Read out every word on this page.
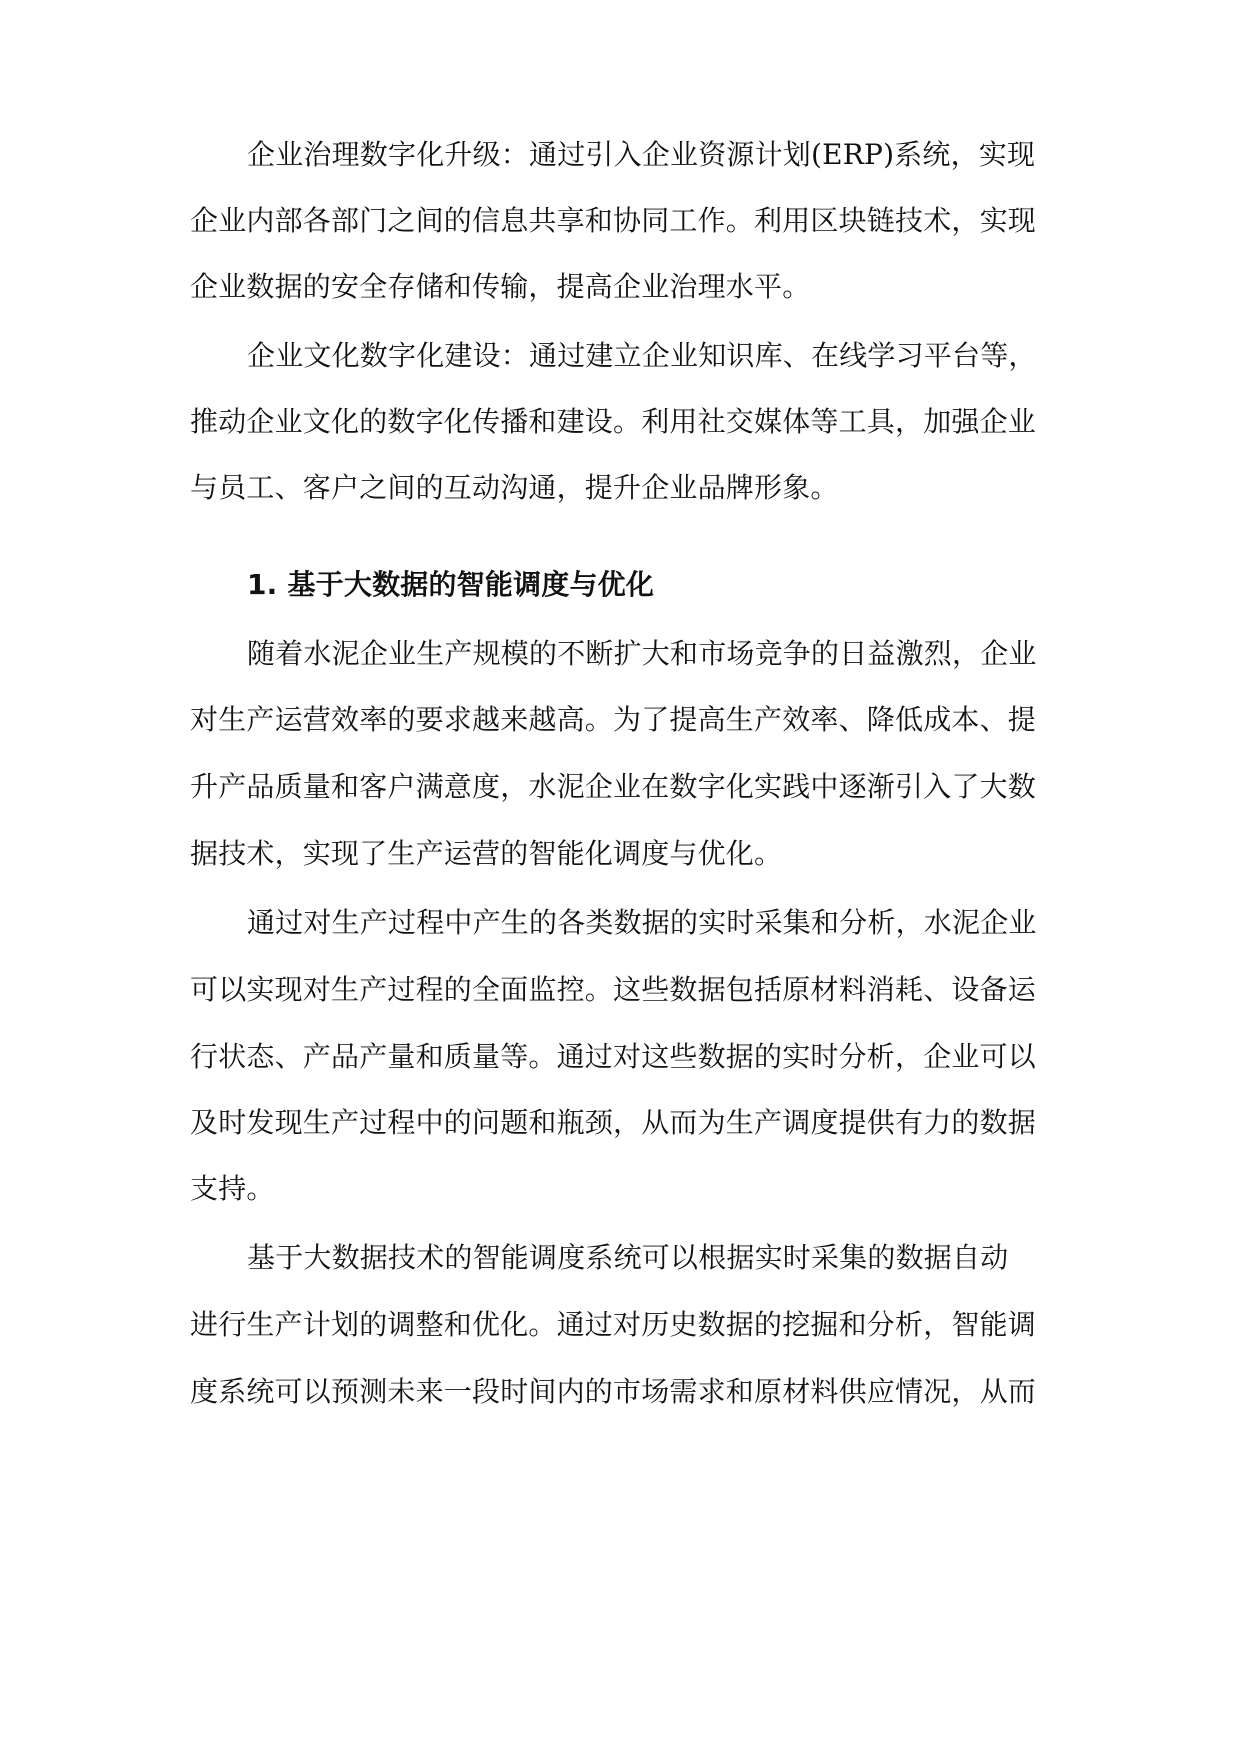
企业治理数字化升级：通过引入企业资源计划(ERP)系统，实现
企业内部各部门之间的信息共享和协同工作。利用区块链技术，实现
企业数据的安全存储和传输，提高企业治理水平。
企业文化数字化建设：通过建立企业知识库、在线学习平台等，
推动企业文化的数字化传播和建设。利用社交媒体等工具，加强企业
与员工、客户之间的互动沟通，提升企业品牌形象。
1. 基于大数据的智能调度与优化
随着水泥企业生产规模的不断扩大和市场竞争的日益激烈，企业
对生产运营效率的要求越来越高。为了提高生产效率、降低成本、提
升产品质量和客户满意度，水泥企业在数字化实践中逐渐引入了大数
据技术，实现了生产运营的智能化调度与优化。
通过对生产过程中产生的各类数据的实时采集和分析，水泥企业
可以实现对生产过程的全面监控。这些数据包括原材料消耗、设备运
行状态、产品产量和质量等。通过对这些数据的实时分析，企业可以
及时发现生产过程中的问题和瓶颈，从而为生产调度提供有力的数据
支持。
基于大数据技术的智能调度系统可以根据实时采集的数据自动
进行生产计划的调整和优化。通过对历史数据的挖掘和分析，智能调
度系统可以预测未来一段时间内的市场需求和原材料供应情况，从而
